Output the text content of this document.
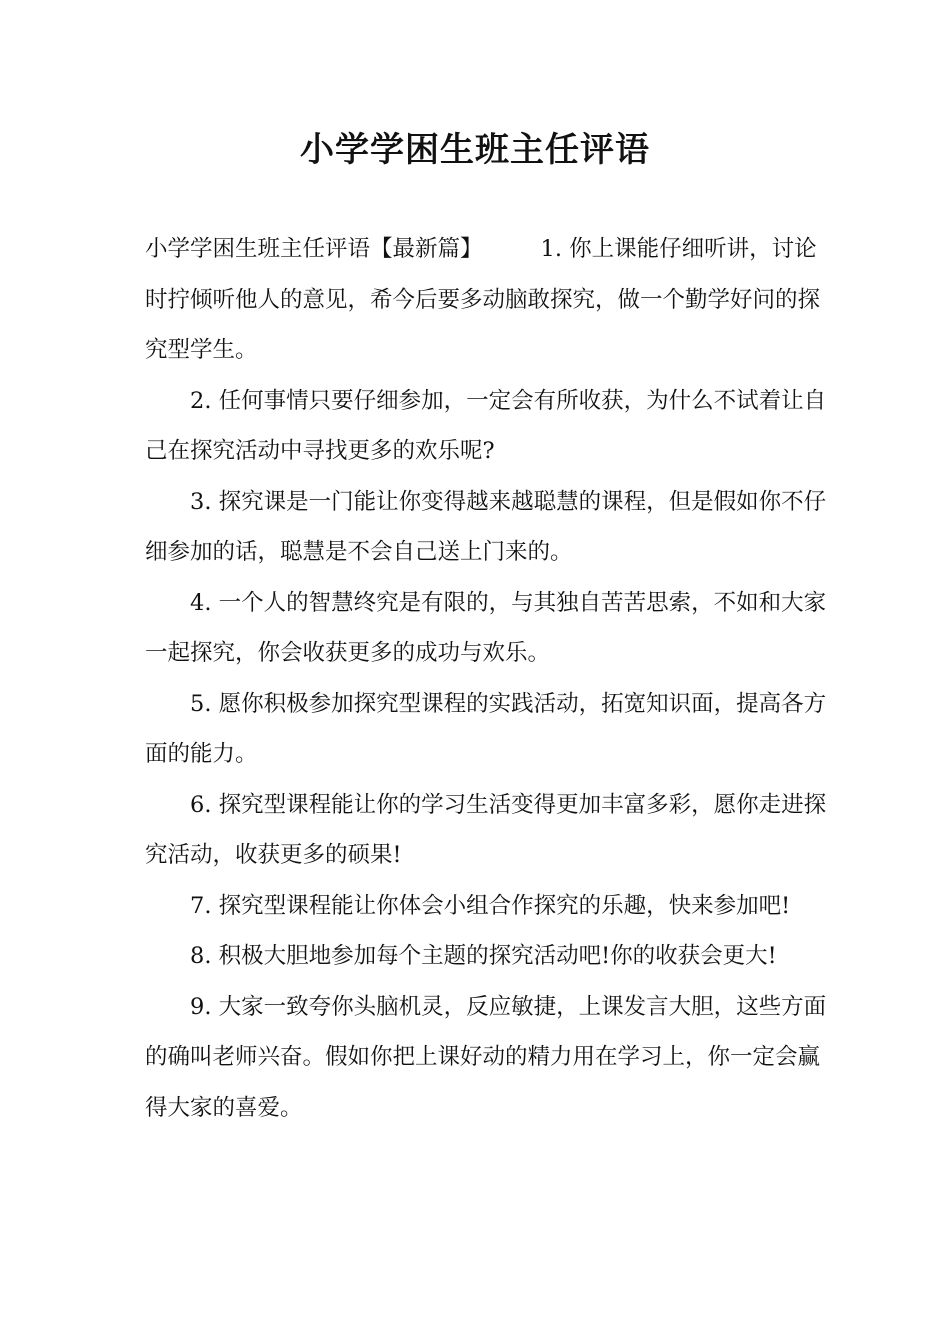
小学学困生班主任评语

小学学困生班主任评语【最新篇】	1. 你上课能仔细听讲，讨论时拧倾听他人的意见，希今后要多动脑敢探究，做一个勤学好问的探究型学生。

2. 任何事情只要仔细参加，一定会有所收获，为什么不试着让自己在探究活动中寻找更多的欢乐呢?

3. 探究课是一门能让你变得越来越聪慧的课程，但是假如你不仔细参加的话，聪慧是不会自己送上门来的。

4. 一个人的智慧终究是有限的，与其独自苦苦思索，不如和大家一起探究，你会收获更多的成功与欢乐。

5. 愿你积极参加探究型课程的实践活动，拓宽知识面，提高各方面的能力。

6. 探究型课程能让你的学习生活变得更加丰富多彩，愿你走进探究活动，收获更多的硕果!

7. 探究型课程能让你体会小组合作探究的乐趣，快来参加吧!

8. 积极大胆地参加每个主题的探究活动吧!你的收获会更大!

9. 大家一致夸你头脑机灵，反应敏捷，上课发言大胆，这些方面的确叫老师兴奋。假如你把上课好动的精力用在学习上，你一定会赢得大家的喜爱。
